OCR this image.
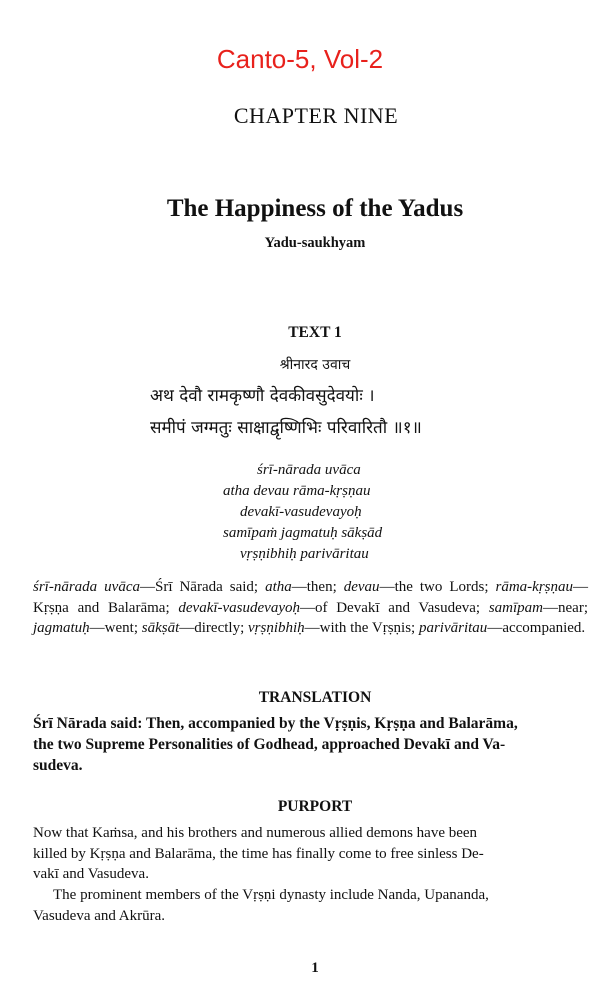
Canto-5, Vol-2
CHAPTER NINE
The Happiness of the Yadus
Yadu-saukhyam
TEXT 1
श्रीनारद उवाच
अथ देवौ रामकृष्णौ देवकीवसुदेवयोः ।
समीपं जग्मतुः साक्षाद्वृष्णिभिः परिवारितौ ॥१॥
śrī-nārada uvāca
atha devau rāma-kṛṣṇau
devakī-vasudevayoḥ
samīpaṁ jagmatuḥ sākṣād
vṛṣṇibhiḥ parivāritau

śrī-nārada uvāca—Śrī Nārada said; atha—then; devau—the two Lords; rāma-kṛṣṇau—Kṛṣṇa and Balarāma; devakī-vasudevayoḥ—of Devakī and Vasudeva; samīpam—near; jagmatuḥ—went; sākṣāt—directly; vṛṣṇibhiḥ—with the Vṛṣṇis; parivāritau—accompanied.

TRANSLATION
Śrī Nārada said: Then, accompanied by the Vṛṣṇis, Kṛṣṇa and Balarāma,
the two Supreme Personalities of Godhead, approached Devakī and Va-
sudeva.
PURPORT
Now that Kaṁsa, and his brothers and numerous allied demons have been
killed by Kṛṣṇa and Balarāma, the time has finally come to free sinless De-
vakī and Vasudeva.
The prominent members of the Vṛṣṇi dynasty include Nanda, Upananda,
Vasudeva and Akrūra.
1
